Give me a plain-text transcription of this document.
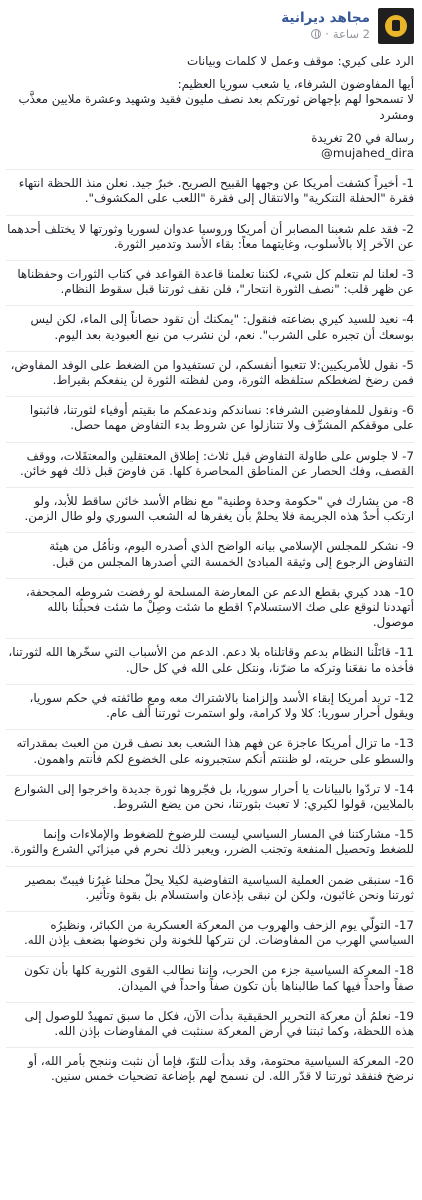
مجاهد ديرانية
2 ساعة
·

الرد على كيري: موقف وعمل لا كلمات وبيانات

أيها المفاوضون الشرفاء، يا شعب سوريا العظيم:
لا تسمحوا لهم بإجهاض ثورتكم بعد نصف مليون فقيد وشهيد وعشرة ملايين معذَّب ومشرد

رسالة في 20 تغريدة

@mujahed_dira

1- أخيراً كشفت أمريكا عن وجهها القبيح الصريح. خبرٌ جيد. نعلن منذ اللحظة انتهاء فقرة "الحفلة التنكرية" والانتقال إلى فقرة "اللعب على المكشوف".

2- فقد علم شعبنا المصابر أن أمريكا وروسيا عدوان لسوريا وثورتها لا يختلف أحدهما عن الآخر إلا بالأسلوب، وغايتهما معاً: بقاء الأسد وتدمير الثورة.

3- لعلنا لم نتعلم كل شيء، لكننا تعلمنا قاعدة القواعد في كتاب الثورات وحفظناها عن ظهر قلب: "نصف الثورة انتحار"، فلن نقف ثورتنا قبل سقوط النظام.

4- نعيد للسيد كيري بضاعته فنقول: "يمكنك أن تقود حصاناً إلى الماء، لكن ليس بوسعك أن تجبره على الشرب". نعم، لن نشرب من نبع العبودية بعد اليوم.

5- نقول للأمريكيين:لا تتعبوا أنفسكم، لن تستفيدوا من الضغط على الوفد المفاوض، فمن رضخ لضغطكم ستلفظه الثورة، ومن لفظته الثورة لن ينفعكم بقيراط.

6- ونقول للمفاوضين الشرفاء: نساندكم وندعمكم ما بقيتم أوفياء لثورتنا، فاثبتوا على موقفكم المشرِّف ولا تتنازلوا عن شروط بدء التفاوض مهما حصل.

7- لا جلوس على طاولة التفاوض قبل ثلاث: إطلاق المعتقلين والمعتقَلات، ووقف القصف، وفك الحصار عن المناطق المحاصرة كلها. مَن فاوضَ قبل ذلك فهو خائن.

8- من يشارك في "حكومة وحدة وطنية" مع نظام الأسد خائن ساقط للأبد، ولو ارتكب أحدٌ هذه الجريمة فلا يحلمْ بأن يغفرها له الشعب السوري ولو طال الزمن.

9- نشكر للمجلس الإسلامي بيانه الواضح الذي أصدره اليوم، ونأمُل من هيئة التفاوض الرجوع إلى وثيقة المبادئ الخمسة التي أصدرها المجلس من قبل.

10- هدد كيري بقطع الدعم عن المعارضة المسلحة لو رفضت شروطه المجحفة، أتهددنا لنوقع على صك الاستسلام؟ اقطع ما شئت وصِلْ ما شئت فحبلُنا بالله موصول.

11- قاتَلْنا النظام بدعم وقاتلناه بلا دعم. الدعم من الأسباب التي سخّرها الله لثورتنا، فأخذه ما نفعَنا وتركه ما ضرّنا، ونتكل على الله في كل حال.

12- تريد أمريكا إبقاء الأسد وإلزامنا بالاشتراك معه ومع طائفته في حكم سوريا، ويقول أحرار سوريا: كلا ولا كرامة، ولو استمرت ثورتنا ألف عام.

13- ما تزال أمريكا عاجزة عن فهم هذا الشعب بعد نصف قرن من العبث بمقدراته والسطو على حريته، لو ظننتم أنكم ستجبرونه على الخضوع لكم فأنتم واهمون.

14- لا تردّوا بالبيانات يا أحرار سوريا، بل فجّروها ثورة جديدة واخرجوا إلى الشوارع بالملايين، قولوا لكيري: لا تعبث بثورتنا، نحن من يضع الشروط.

15- مشاركتنا في المسار السياسي ليست للرضوخ للضغوط والإملاءات وإنما للضغط وتحصيل المنفعة وتجنب الضرر، ويعبر ذلك نحرم في ميزانَي الشرع والثورة.

16- سنبقى ضمن العملية السياسية التفاوضية لكيلا يحلّ محلنا غيرُنا فيبتّ بمصير ثورتنا ونحن غائبون، ولكن لن نبقى بإذعان واستسلام بل بقوة وتأثير.

17- التولّي يوم الزحف والهروب من المعركة العسكرية من الكبائر، ونظيرُه السياسي الهرب من المفاوضات. لن نتركها للخونة ولن نخوضها بضعف بإذن الله.

18- المعركة السياسية جزء من الحرب، وإننا نطالب القوى الثورية كلها بأن تكون صفاً واحداً فيها كما طالبناها بأن تكون صفاً واحداً في الميدان.

19- نعلمُ أن معركة التحرير الحقيقية بدأت الآن، فكل ما سبق تمهيدٌ للوصول إلى هذه اللحظة، وكما ثبتنا في أرض المعركة سنثبت في المفاوضات بإذن الله.

20- المعركة السياسية محتومة، وقد بدأت للتوّ، فإما أن نثبت وننجح بأمر الله، أو نرضخ فنفقد ثورتنا لا قدّر الله. لن نسمح لهم بإضاعة تضحيات خمس سنين.
